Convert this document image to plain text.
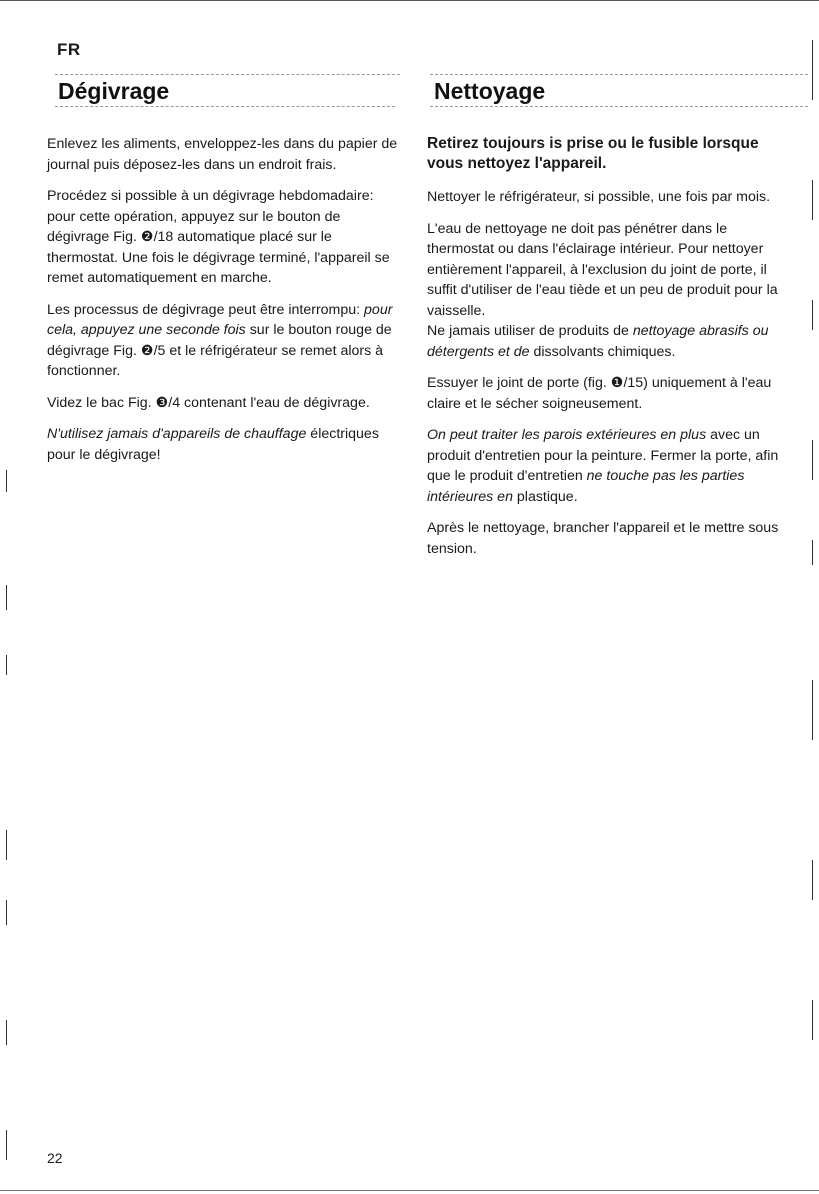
FR
Dégivrage	Nettoyage

Enlevez les aliments, enveloppez-les dans du papier de journal puis déposez-les dans un endroit frais.

Procédez si possible à un dégivrage hebdomadaire: pour cette opération, appuyez sur le bouton de dégivrage Fig. ❷/18 automatique placé sur le thermostat. Une fois le dégivrage terminé, l'appareil se remet automatiquement en marche.

Les processus de dégivrage peut être interrompu: pour cela, appuyez une seconde fois sur le bouton rouge de dégivrage Fig. ❷/5 et le réfrigérateur se remet alors à fonctionner.

Videz le bac Fig. ❸/4 contenant l'eau de dégivrage.

N'utilisez jamais d'appareils de chauffage électriques pour le dégivrage!

Retirez toujours is prise ou le fusible lorsque vous nettoyez l'appareil.

Nettoyer le réfrigérateur, si possible, une fois par mois.

L'eau de nettoyage ne doit pas pénétrer dans le thermostat ou dans l'éclairage intérieur. Pour nettoyer entièrement l'appareil, à l'exclusion du joint de porte, il suffit d'utiliser de l'eau tiède et un peu de produit pour la vaisselle.
Ne jamais utiliser de produits de nettoyage abrasifs ou détergents et de dissolvants chimiques.

Essuyer le joint de porte (fig. ❶/15) uniquement à l'eau claire et le sécher soigneusement.

On peut traiter les parois extérieures en plus avec un produit d'entretien pour la peinture. Fermer la porte, afin que le produit d'entretien ne touche pas les parties intérieures en plastique.

Après le nettoyage, brancher l'appareil et le mettre sous tension.

22
